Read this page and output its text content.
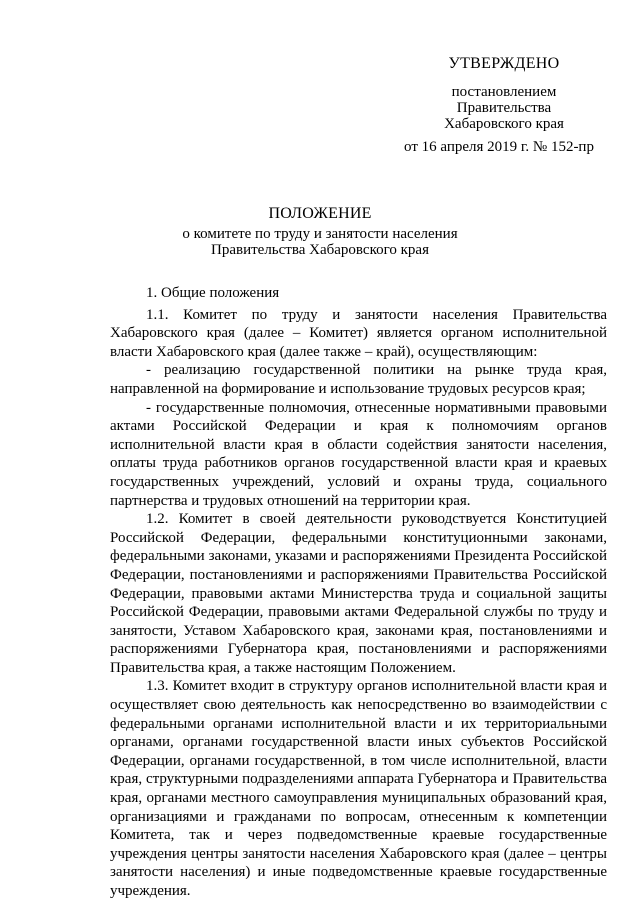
УТВЕРЖДЕНО
постановлением
Правительства
Хабаровского края
от 16 апреля 2019 г. № 152-пр
ПОЛОЖЕНИЕ
о комитете по труду и занятости населения
Правительства Хабаровского края
1. Общие положения

1.1. Комитет по труду и занятости населения Правительства Хабаровского края (далее – Комитет) является органом исполнительной власти Хабаровского края (далее также – край), осуществляющим:

- реализацию государственной политики на рынке труда края, направленной на формирование и использование трудовых ресурсов края;

- государственные полномочия, отнесенные нормативными правовыми актами Российской Федерации и края к полномочиям органов исполнительной власти края в области содействия занятости населения, оплаты труда работников органов государственной власти края и краевых государственных учреждений, условий и охраны труда, социального партнерства и трудовых отношений на территории края.

1.2. Комитет в своей деятельности руководствуется Конституцией Российской Федерации, федеральными конституционными законами, федеральными законами, указами и распоряжениями Президента Российской Федерации, постановлениями и распоряжениями Правительства Российской Федерации, правовыми актами Министерства труда и социальной защиты Российской Федерации, правовыми актами Федеральной службы по труду и занятости, Уставом Хабаровского края, законами края, постановлениями и распоряжениями Губернатора края, постановлениями и распоряжениями Правительства края, а также настоящим Положением.

1.3. Комитет входит в структуру органов исполнительной власти края и осуществляет свою деятельность как непосредственно во взаимодействии с федеральными органами исполнительной власти и их территориальными органами, органами государственной власти иных субъектов Российской Федерации, органами государственной, в том числе исполнительной, власти края, структурными подразделениями аппарата Губернатора и Правительства края, органами местного самоуправления муниципальных образований края, организациями и гражданами по вопросам, отнесенным к компетенции Комитета, так и через подведомственные краевые государственные учреждения центры занятости населения Хабаровского края (далее – центры занятости населения) и иные подведомственные краевые государственные учреждения.
